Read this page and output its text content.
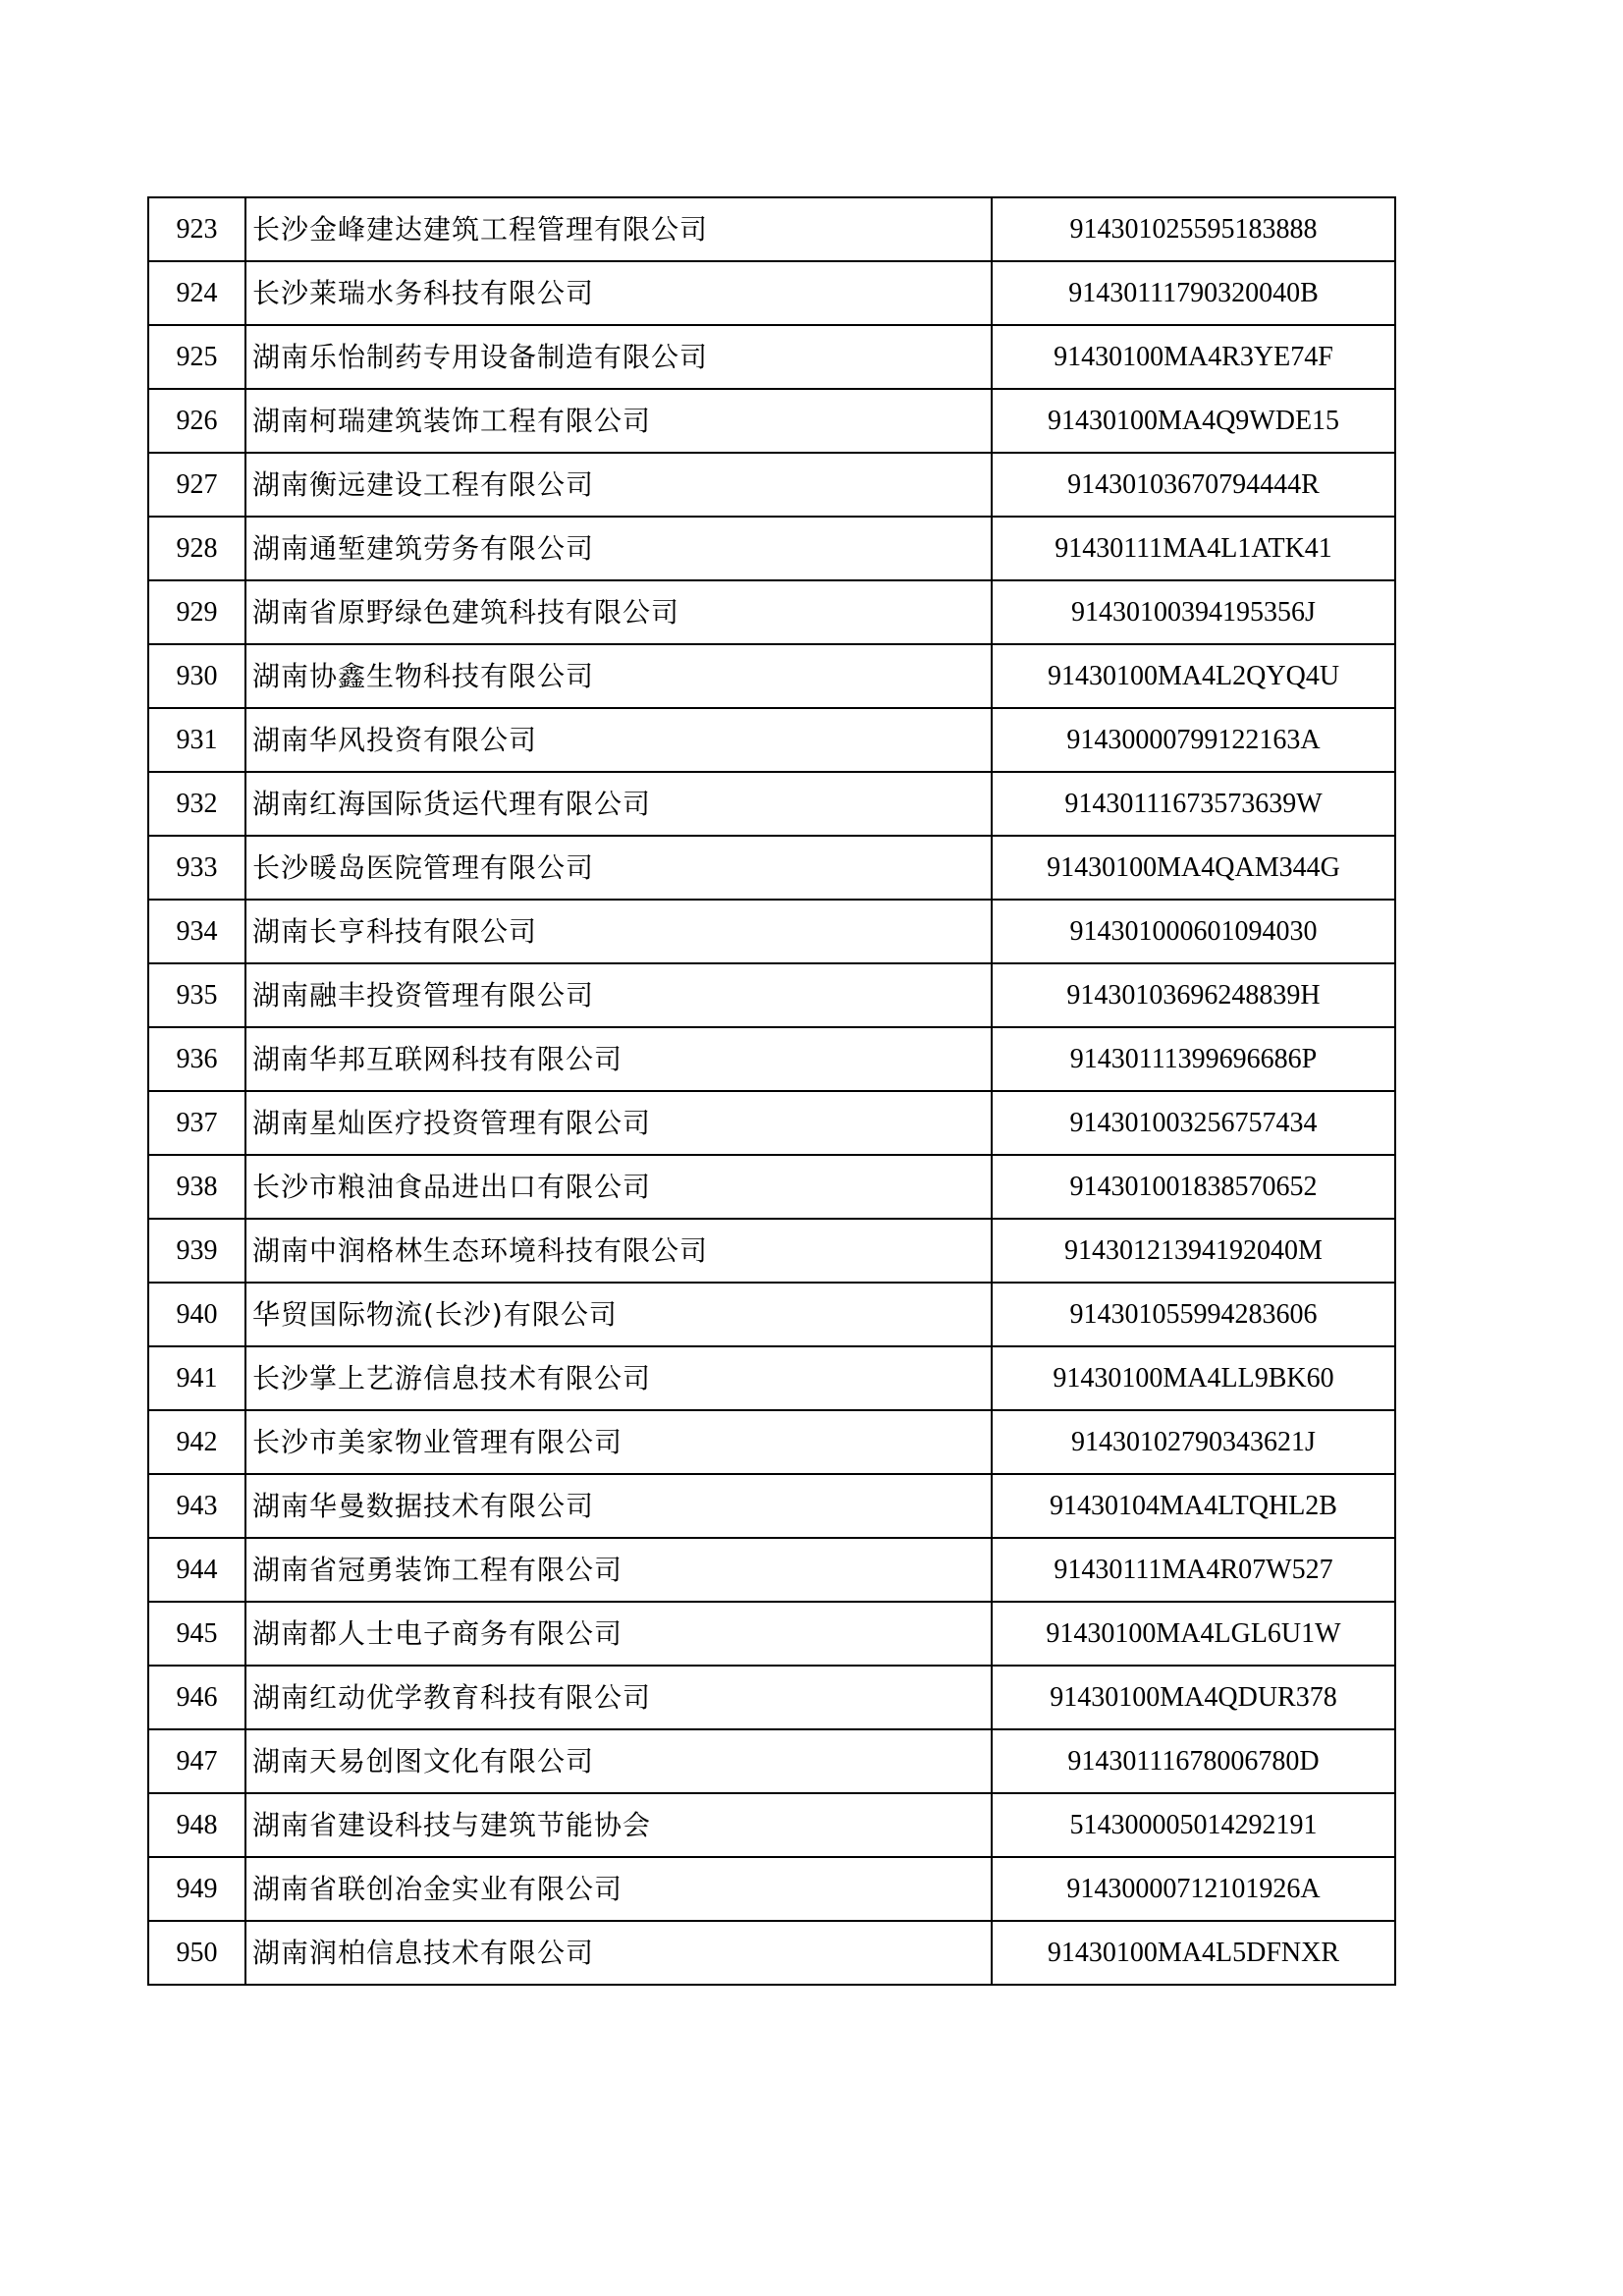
923	长沙金峰建达建筑工程管理有限公司	914301025595183888
924	长沙莱瑞水务科技有限公司	91430111790320040B
925	湖南乐怡制药专用设备制造有限公司	91430100MA4R3YE74F
926	湖南柯瑞建筑装饰工程有限公司	91430100MA4Q9WDE15
927	湖南衡远建设工程有限公司	91430103670794444R
928	湖南通堑建筑劳务有限公司	91430111MA4L1ATK41
929	湖南省原野绿色建筑科技有限公司	91430100394195356J
930	湖南协鑫生物科技有限公司	91430100MA4L2QYQ4U
931	湖南华风投资有限公司	91430000799122163A
932	湖南红海国际货运代理有限公司	91430111673573639W
933	长沙暖岛医院管理有限公司	91430100MA4QAM344G
934	湖南长亨科技有限公司	914301000601094030
935	湖南融丰投资管理有限公司	91430103696248839H
936	湖南华邦互联网科技有限公司	91430111399696686P
937	湖南星灿医疗投资管理有限公司	914301003256757434
938	长沙市粮油食品进出口有限公司	914301001838570652
939	湖南中润格林生态环境科技有限公司	91430121394192040M
940	华贸国际物流(长沙)有限公司	914301055994283606
941	长沙掌上艺游信息技术有限公司	91430100MA4LL9BK60
942	长沙市美家物业管理有限公司	91430102790343621J
943	湖南华曼数据技术有限公司	91430104MA4LTQHL2B
944	湖南省冠勇装饰工程有限公司	91430111MA4R07W527
945	湖南都人士电子商务有限公司	91430100MA4LGL6U1W
946	湖南红动优学教育科技有限公司	91430100MA4QDUR378
947	湖南天易创图文化有限公司	91430111678006780D
948	湖南省建设科技与建筑节能协会	514300005014292191
949	湖南省联创冶金实业有限公司	91430000712101926A
950	湖南润柏信息技术有限公司	91430100MA4L5DFNXR
